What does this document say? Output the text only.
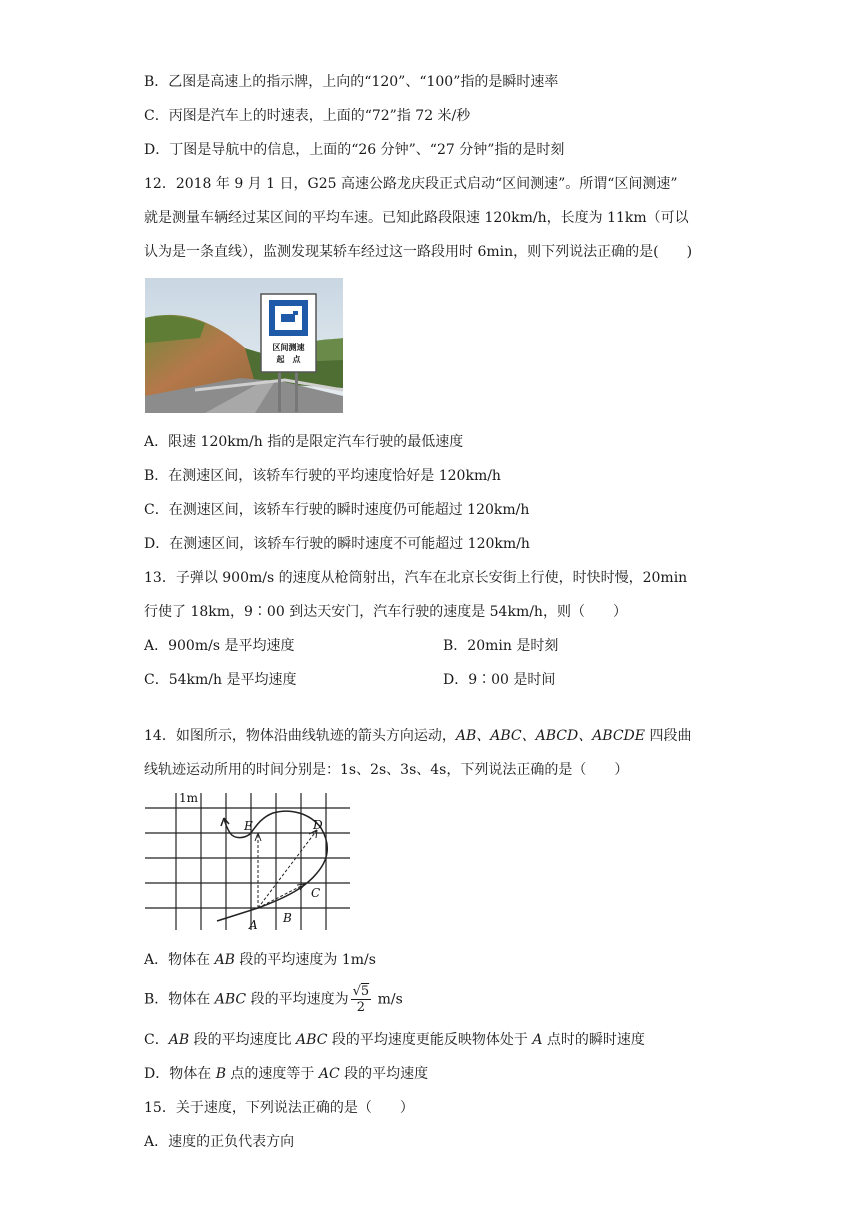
B．乙图是高速上的指示牌，上向的“120”、“100”指的是瞬时速率
C．丙图是汽车上的时速表，上面的“72”指 72 米/秒
D．丁图是导航中的信息，上面的“26 分钟”、“27 分钟”指的是时刻
12．2018 年 9 月 1 日，G25 高速公路龙庆段正式启动“区间测速”。所谓“区间测速”
就是测量车辆经过某区间的平均车速。已知此路段限速 120km/h，长度为 11km（可以
认为是一条直线），监测发现某轿车经过这一路段用时 6min，则下列说法正确的是(　　)
区间测速
起　点
A．限速 120km/h 指的是限定汽车行驶的最低速度
B．在测速区间，该轿车行驶的平均速度恰好是 120km/h
C．在测速区间，该轿车行驶的瞬时速度仍可能超过 120km/h
D．在测速区间，该轿车行驶的瞬时速度不可能超过 120km/h
13．子弹以 900m/s 的速度从枪筒射出，汽车在北京长安街上行使，时快时慢，20min
行使了 18km，9∶00 到达天安门，汽车行驶的速度是 54km/h，则（　　）
A．900m/s 是平均速度	B．20min 是时刻
C．54km/h 是平均速度	D．9∶00 是时间
14．如图所示，物体沿曲线轨迹的箭头方向运动，AB、ABC、ABCD、ABCDE 四段曲
线轨迹运动所用的时间分别是：1s、2s、3s、4s，下列说法正确的是（　　）
1m
A B
C
D
E
A．物体在 AB 段的平均速度为 1m/s
B．物体在 ABC 段的平均速度为 $\frac{√5}{2} m/s$
C．AB 段的平均速度比 ABC 段的平均速度更能反映物体处于 A 点时的瞬时速度
D．物体在 B 点的速度等于 AC 段的平均速度
15．关于速度，下列说法正确的是（　　）
A．速度的正负代表方向
